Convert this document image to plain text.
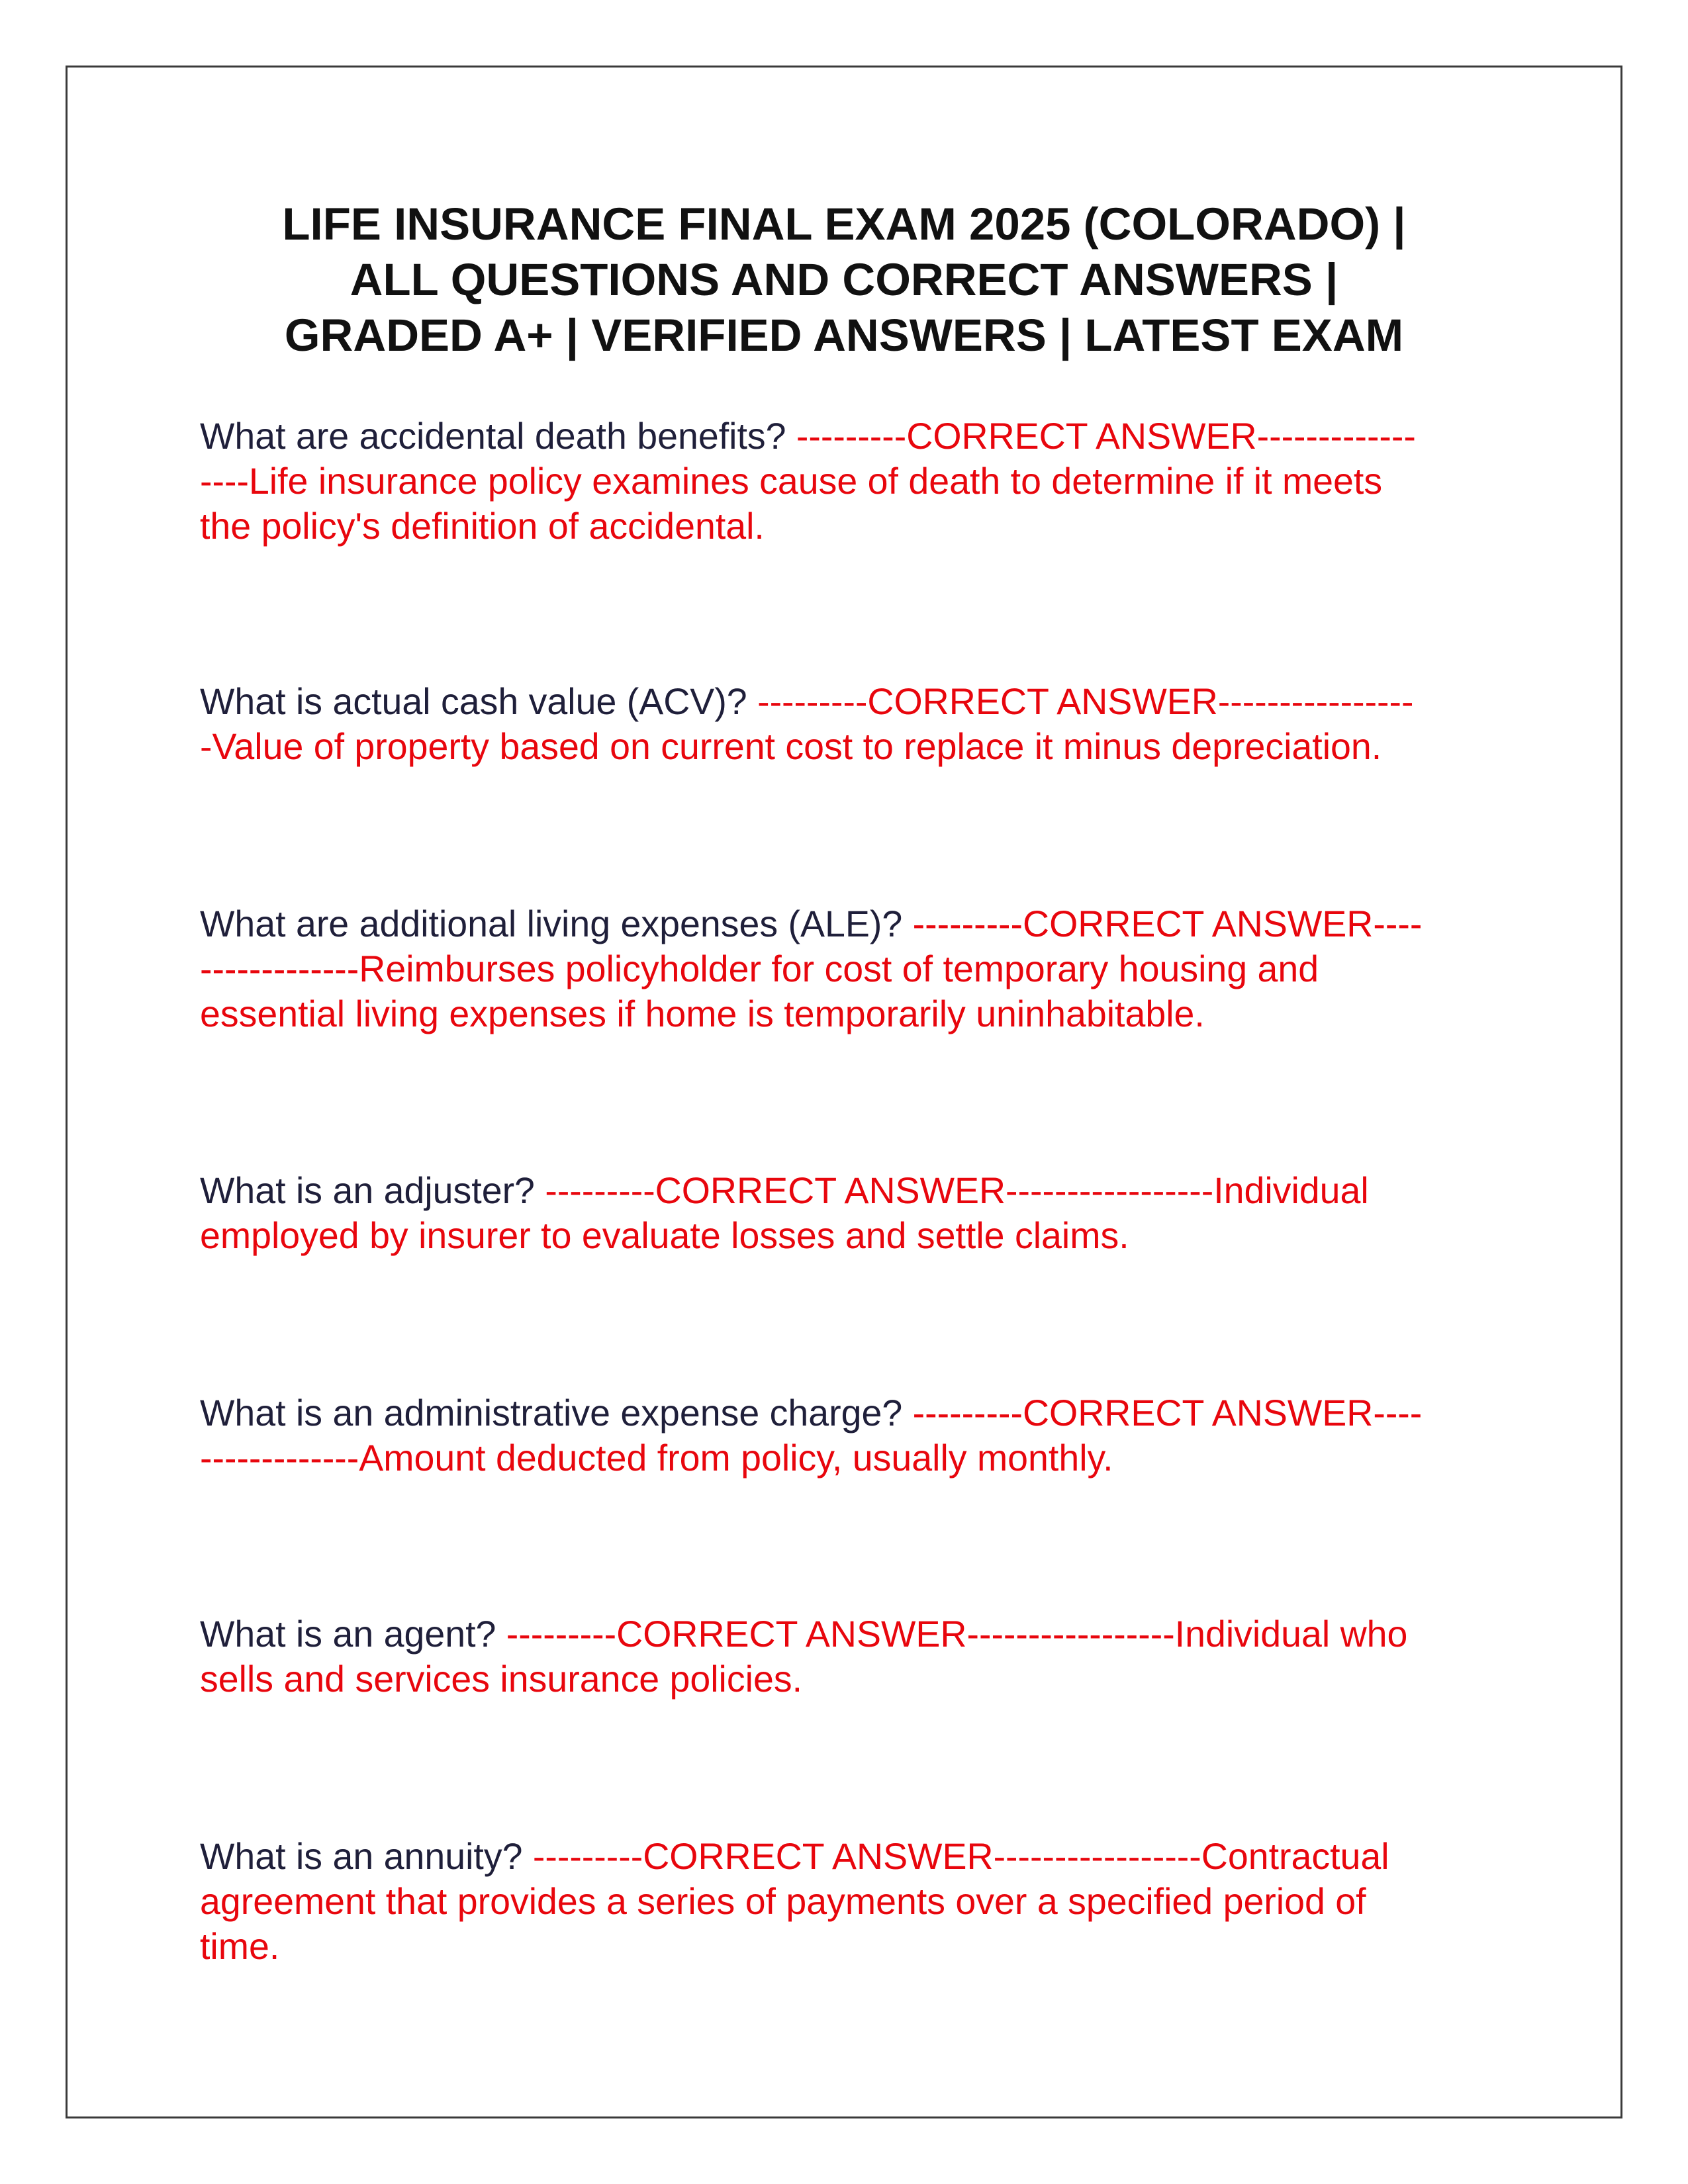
LIFE INSURANCE FINAL EXAM 2025 (COLORADO) |
ALL QUESTIONS AND CORRECT ANSWERS |
GRADED A+ | VERIFIED ANSWERS | LATEST EXAM
What are accidental death benefits? ---------CORRECT ANSWER-------------
----Life insurance policy examines cause of death to determine if it meets
the policy's definition of accidental.
What is actual cash value (ACV)? ---------CORRECT ANSWER----------------
-Value of property based on current cost to replace it minus depreciation.
What are additional living expenses (ALE)? ---------CORRECT ANSWER----
-------------Reimburses policyholder for cost of temporary housing and
essential living expenses if home is temporarily uninhabitable.
What is an adjuster? ---------CORRECT ANSWER-----------------Individual
employed by insurer to evaluate losses and settle claims.
What is an administrative expense charge? ---------CORRECT ANSWER----
-------------Amount deducted from policy, usually monthly.
What is an agent? ---------CORRECT ANSWER-----------------Individual who
sells and services insurance policies.
What is an annuity? ---------CORRECT ANSWER-----------------Contractual
agreement that provides a series of payments over a specified period of
time.
